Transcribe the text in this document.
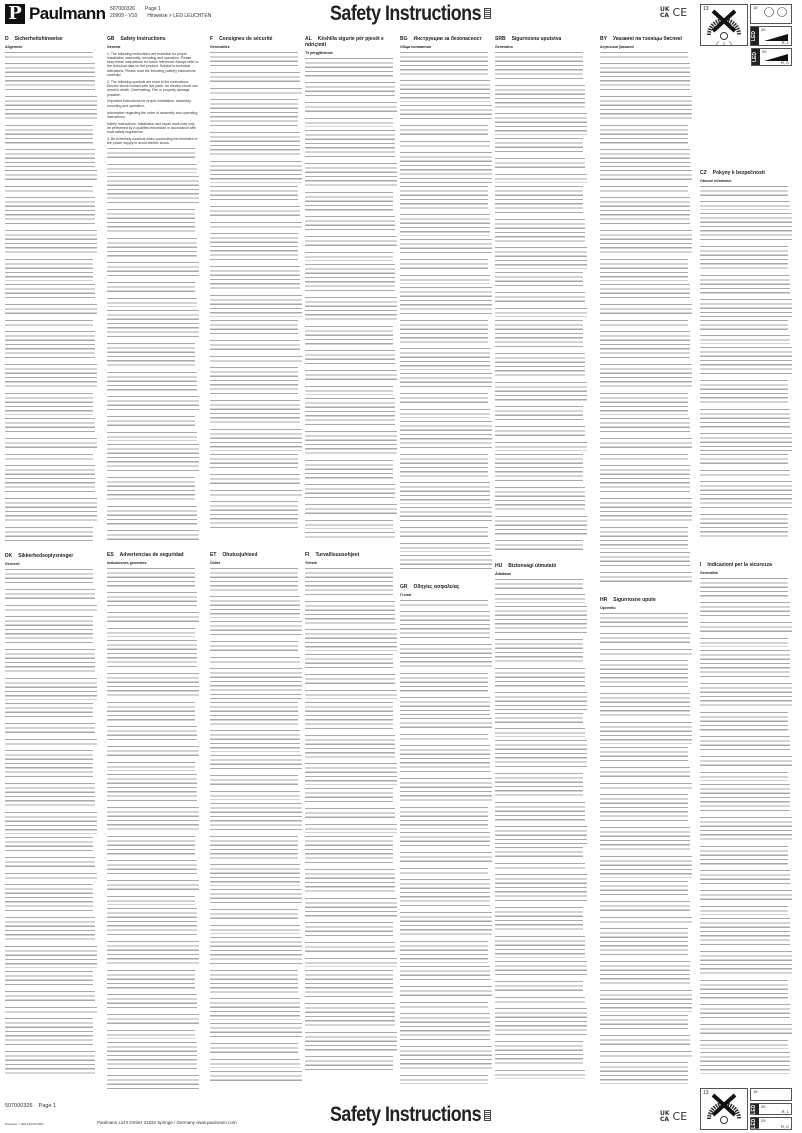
P Paulmann 507000326 Page 1
20909 - V10 Hinweise > LED LEUCHTEN	Safety Instructions	UK
CA CE
D Sicherheitshinweise
Allgemein
GB Safety Instructions
General

1. The following instructions are essential for proper installation, assembly, mounting and operation. Please keep these instructions for future reference! Always refer to the technical data on the product. Subject to technical alterations. Please read the following (safety) instructions carefully!

2. The following symbols are used in the instructions: Electric shock contact with live parts. An electric shock can result in death. Overheating: Fire or property damage possible.

Important instructions for proper installation, assembly, mounting and operation.

Information regarding the order of assembly and operating instructions.

Safety Instructions: Installation and repair work may only be performed by a qualified electrician in accordance with local safety regulations.

3. Be extremely cautious when connecting the luminaire to the power supply to avoid electric shock.

F Consignes de sécurité
Généralités
AL Këshilla sigurie për pjesët e ndriçimit
Të përgjithshme
BG Инструкции за безопасност
Общи положения
SRB Sigurnosna uputstva
Generalno
BY Указаннi па тэхнiцы бяспекi
Агульныя ўказаннi
CZ Pokyny k bezpečnosti
Obecné informace
DK Sikkerhedsoplysninger
Generelt
ES Advertencias de seguridad
Indicaciones generales
ET Ohutusjuhised
Üldist
FI Turvallisuusohjeet
Yleistä
GR Οδηγίες ασφαλείας
Γενικά
HU Biztonsági útmutató
Általános
HR Sigurnosne upute
Općenito
I Indicazioni per la sicurezza
Generalità
13	15
LED
20
R, L
LED
29
R, C
13	15
LED	20
R, L
LED	29
R, C
507000326 Page 1
Hinweise > LED LEUCHTEN	Paulmann Licht GmbH 31832 Springe / Germany www.paulmann.com	Safety Instructions	UK
CA CE
